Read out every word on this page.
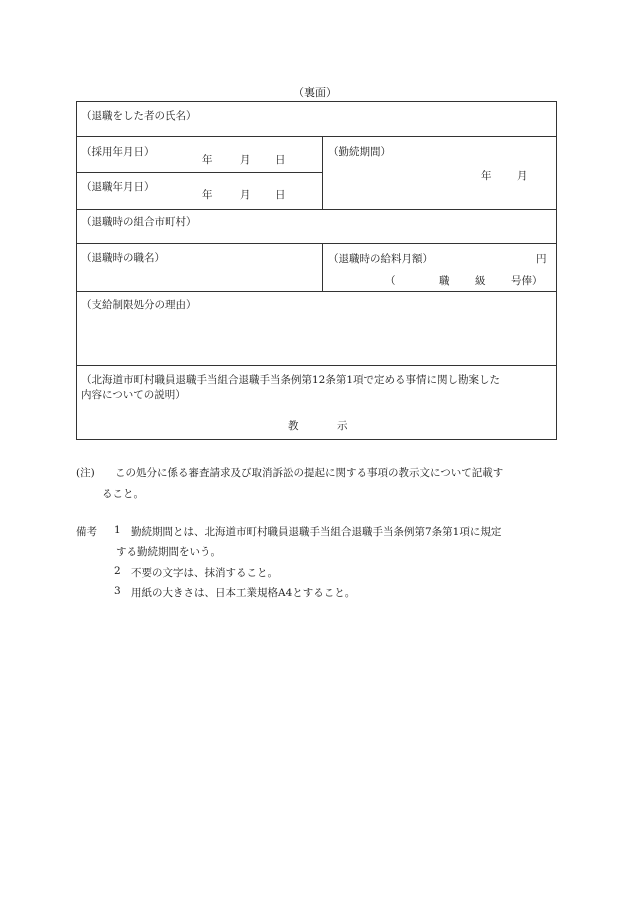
（裏面）
（退職をした者の氏名）
（採用年月日）
年	月 日
（退職年月日）
年	月 日
（勤続期間）
年 月
（退職時の組合市町村）
（退職時の職名）	（退職時の給料月額）	円
（	職 級 号俸）
（支給制限処分の理由）
（北海道市町村職員退職手当組合退職手当条例第12条第1項で定める事情に関し勘案した
内容についての説明）
教	示
(注) この処分に係る審査請求及び取消訴訟の提起に関する事項の教示文について記載す
ること。
備考 1 勤続期間とは、北海道市町村職員退職手当組合退職手当条例第7条第1項に規定
する勤続期間をいう。
2 不要の文字は、抹消すること。
3 用紙の大きさは、日本工業規格A4とすること。
